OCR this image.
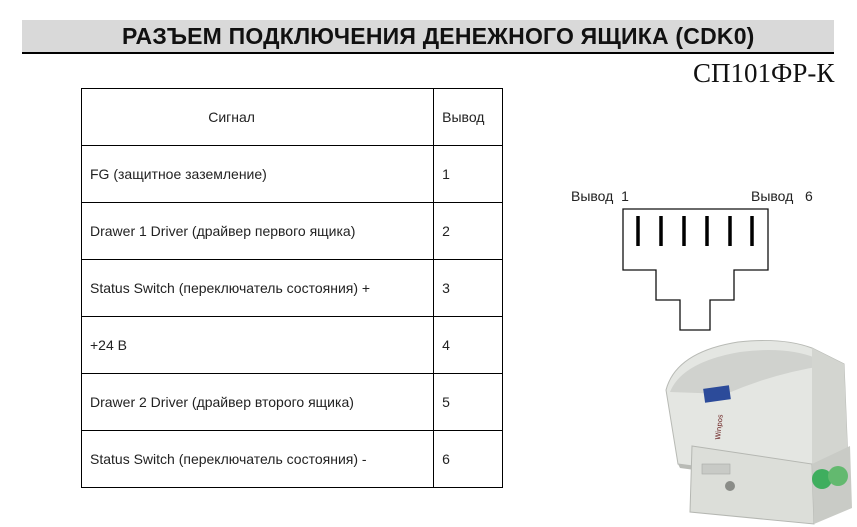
РАЗЪЕМ ПОДКЛЮЧЕНИЯ ДЕНЕЖНОГО ЯЩИКА (CDK0)
СП101ФР-К
Сигнал	Вывод
FG (защитное заземление)	1
Drawer 1 Driver (драйвер первого ящика)	2
Status Switch (переключатель состояния) +	3
+24 В	4
Drawer 2 Driver (драйвер второго ящика)	5
Status Switch (переключатель состояния) -	6
Вывод  1	Вывод   6
Winpos
